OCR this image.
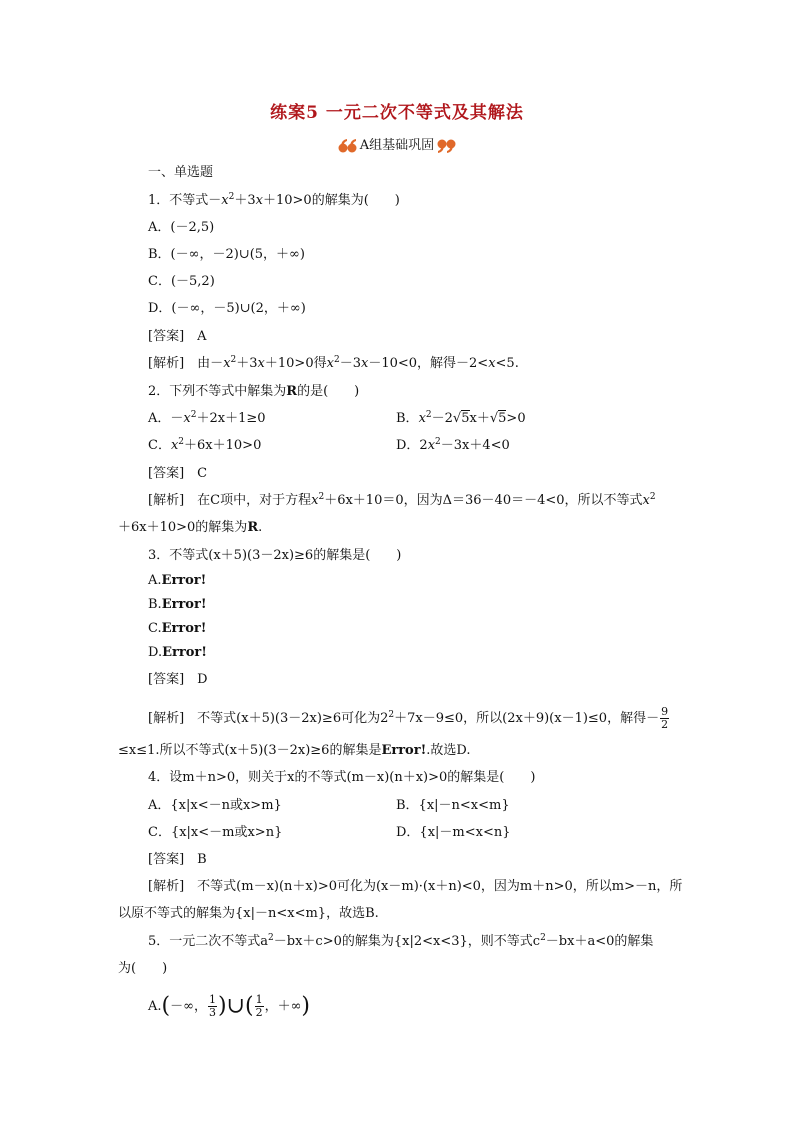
练案5 一元二次不等式及其解法
A组基础巩固
一、单选题
1．不等式$-x^2+3x+10>0$的解集为(　　)
A．(－2,5)
B．(－∞，－2)∪(5，＋∞)
C．(－5,2)
D．(－∞，－5)∪(2，＋∞)
[答案]　 A
[解析]　 由$-x^2+3x+10>0$得$x^2-3x-10<0$，解得－2<x<5.
2．下列不等式中解集为R的是(　　)
A．$-x^2+2x+1\ge 0$	B．$x^2-2√5x+√5>0$
C．$x^2+6x+10>0$	D．$2x^2-3x+4<0$
[答案]　 C
[解析]　 在C项中，对于方程$x^2+6x+10=0$，因为Δ＝36－40＝－4<0，所以不等式$x^2$
＋6x＋10>0的解集为R.
3．不等式(x＋5)(3－2x)≥6的解集是(　　)
A.Error!
B.Error!
C.Error!
D.Error!
[答案]　 D
[解析]　 不等式(x＋5)(3－2x)≥6可化为$2^2+7x-9\le 0$，所以(2x＋9)(x－1)≤0，解得－ $\frac{9}{2}$
≤x≤1.所以不等式(x＋5)(3－2x)≥6的解集是Error!.故选D.
4．设m＋n>0，则关于x的不等式(m－x)(n＋x)>0的解集是(　　)
A．{x|x<－n或x>m}	B．{x|－n<x<m}
C．{x|x<－m或x>n}	D．{x|－m<x<n}
[答案]　 B
[解析]　 不等式(m－x)(n＋x)>0可化为(x－m)·(x＋n)<0，因为m＋n>0，所以m>－n，所
以原不等式的解集为{x|－n<x<m}，故选B.
5．一元二次不等式$a^2-bx+c>0$的解集为{x|2<x<3}，则不等式$c^2-bx+a<0$的解集
为(　　)
A.(－∞， $\frac{1}{3}$ )∪( $\frac{1}{2}$ ，＋∞)
